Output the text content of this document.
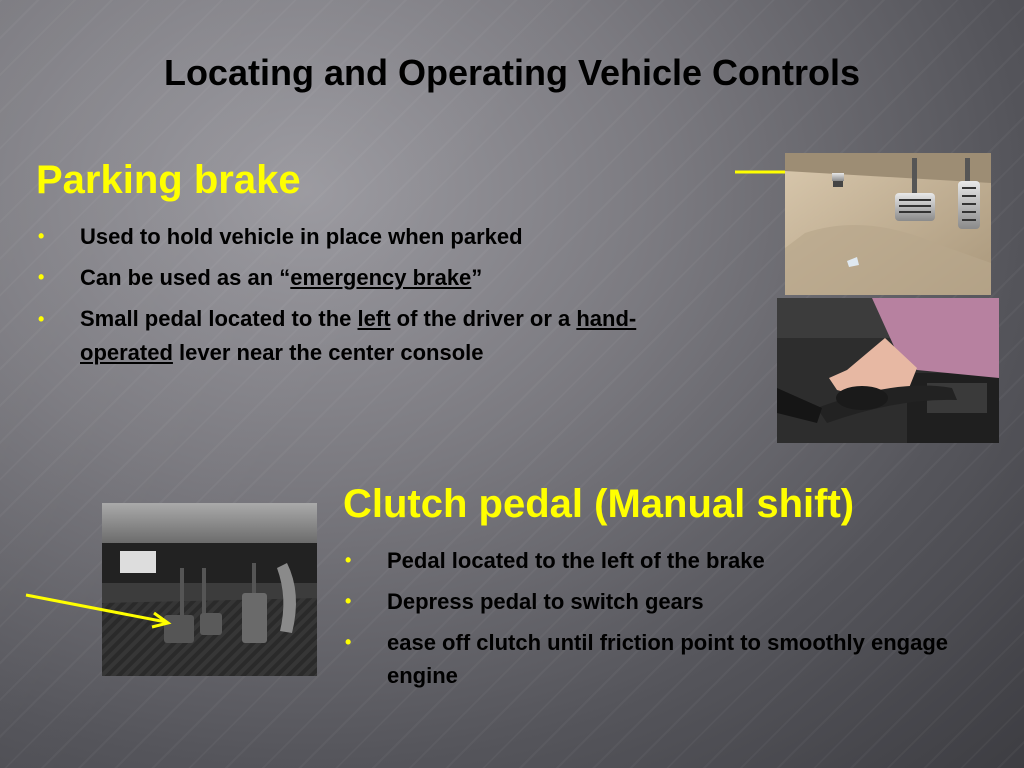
Locating and Operating Vehicle Controls
Parking brake
• Used to hold vehicle in place when parked
• Can be used as an “emergency brake”
• Small pedal located to the left of the driver or a hand-operated lever near the center console
Clutch pedal (Manual shift)
• Pedal located to the left of the brake
• Depress pedal to switch gears
• ease off clutch until friction point to smoothly engage engine
